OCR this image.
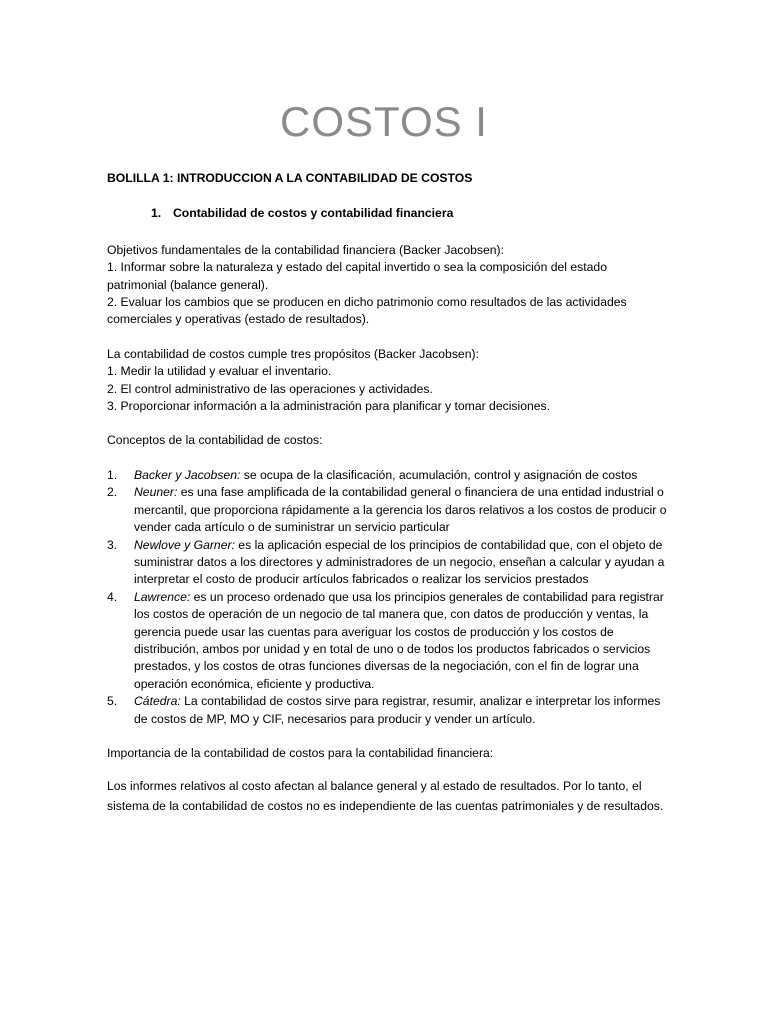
COSTOS I

BOLILLA 1: INTRODUCCION A LA CONTABILIDAD DE COSTOS

1. Contabilidad de costos y contabilidad financiera

Objetivos fundamentales de la contabilidad financiera (Backer Jacobsen):

1. Informar sobre la naturaleza y estado del capital invertido o sea la composición del estado patrimonial (balance general).

2. Evaluar los cambios que se producen en dicho patrimonio como resultados de las actividades comerciales y operativas (estado de resultados).

La contabilidad de costos cumple tres propósitos (Backer Jacobsen):

1. Medir la utilidad y evaluar el inventario.

2. El control administrativo de las operaciones y actividades.

3. Proporcionar información a la administración para planificar y tomar decisiones.

Conceptos de la contabilidad de costos:

1.	Backer y Jacobsen: se ocupa de la clasificación, acumulación, control y asignación de costos
2.	Neuner: es una fase amplificada de la contabilidad general o financiera de una entidad industrial o mercantil, que proporciona rápidamente a la gerencia los daros relativos a los costos de producir o vender cada artículo o de suministrar un servicio particular
3.	Newlove y Garner: es la aplicación especial de los principios de contabilidad que, con el objeto de suministrar datos a los directores y administradores de un negocio, enseñan a calcular y ayudan a interpretar el costo de producir artículos fabricados o realizar los servicios prestados
4.	Lawrence: es un proceso ordenado que usa los principios generales de contabilidad para registrar los costos de operación de un negocio de tal manera que, con datos de producción y ventas, la gerencia puede usar las cuentas para averiguar los costos de producción y los costos de distribución, ambos por unidad y en total de uno o de todos los productos fabricados o servicios prestados, y los costos de otras funciones diversas de la negociación, con el fin de lograr una operación económica, eficiente y productiva.
5.	Cátedra: La contabilidad de costos sirve para registrar, resumir, analizar e interpretar los informes de costos de MP, MO y CIF, necesarios para producir y vender un artículo.

Importancia de la contabilidad de costos para la contabilidad financiera:

Los informes relativos al costo afectan al balance general y al estado de resultados. Por lo tanto, el sistema de la contabilidad de costos no es independiente de las cuentas patrimoniales y de resultados.
